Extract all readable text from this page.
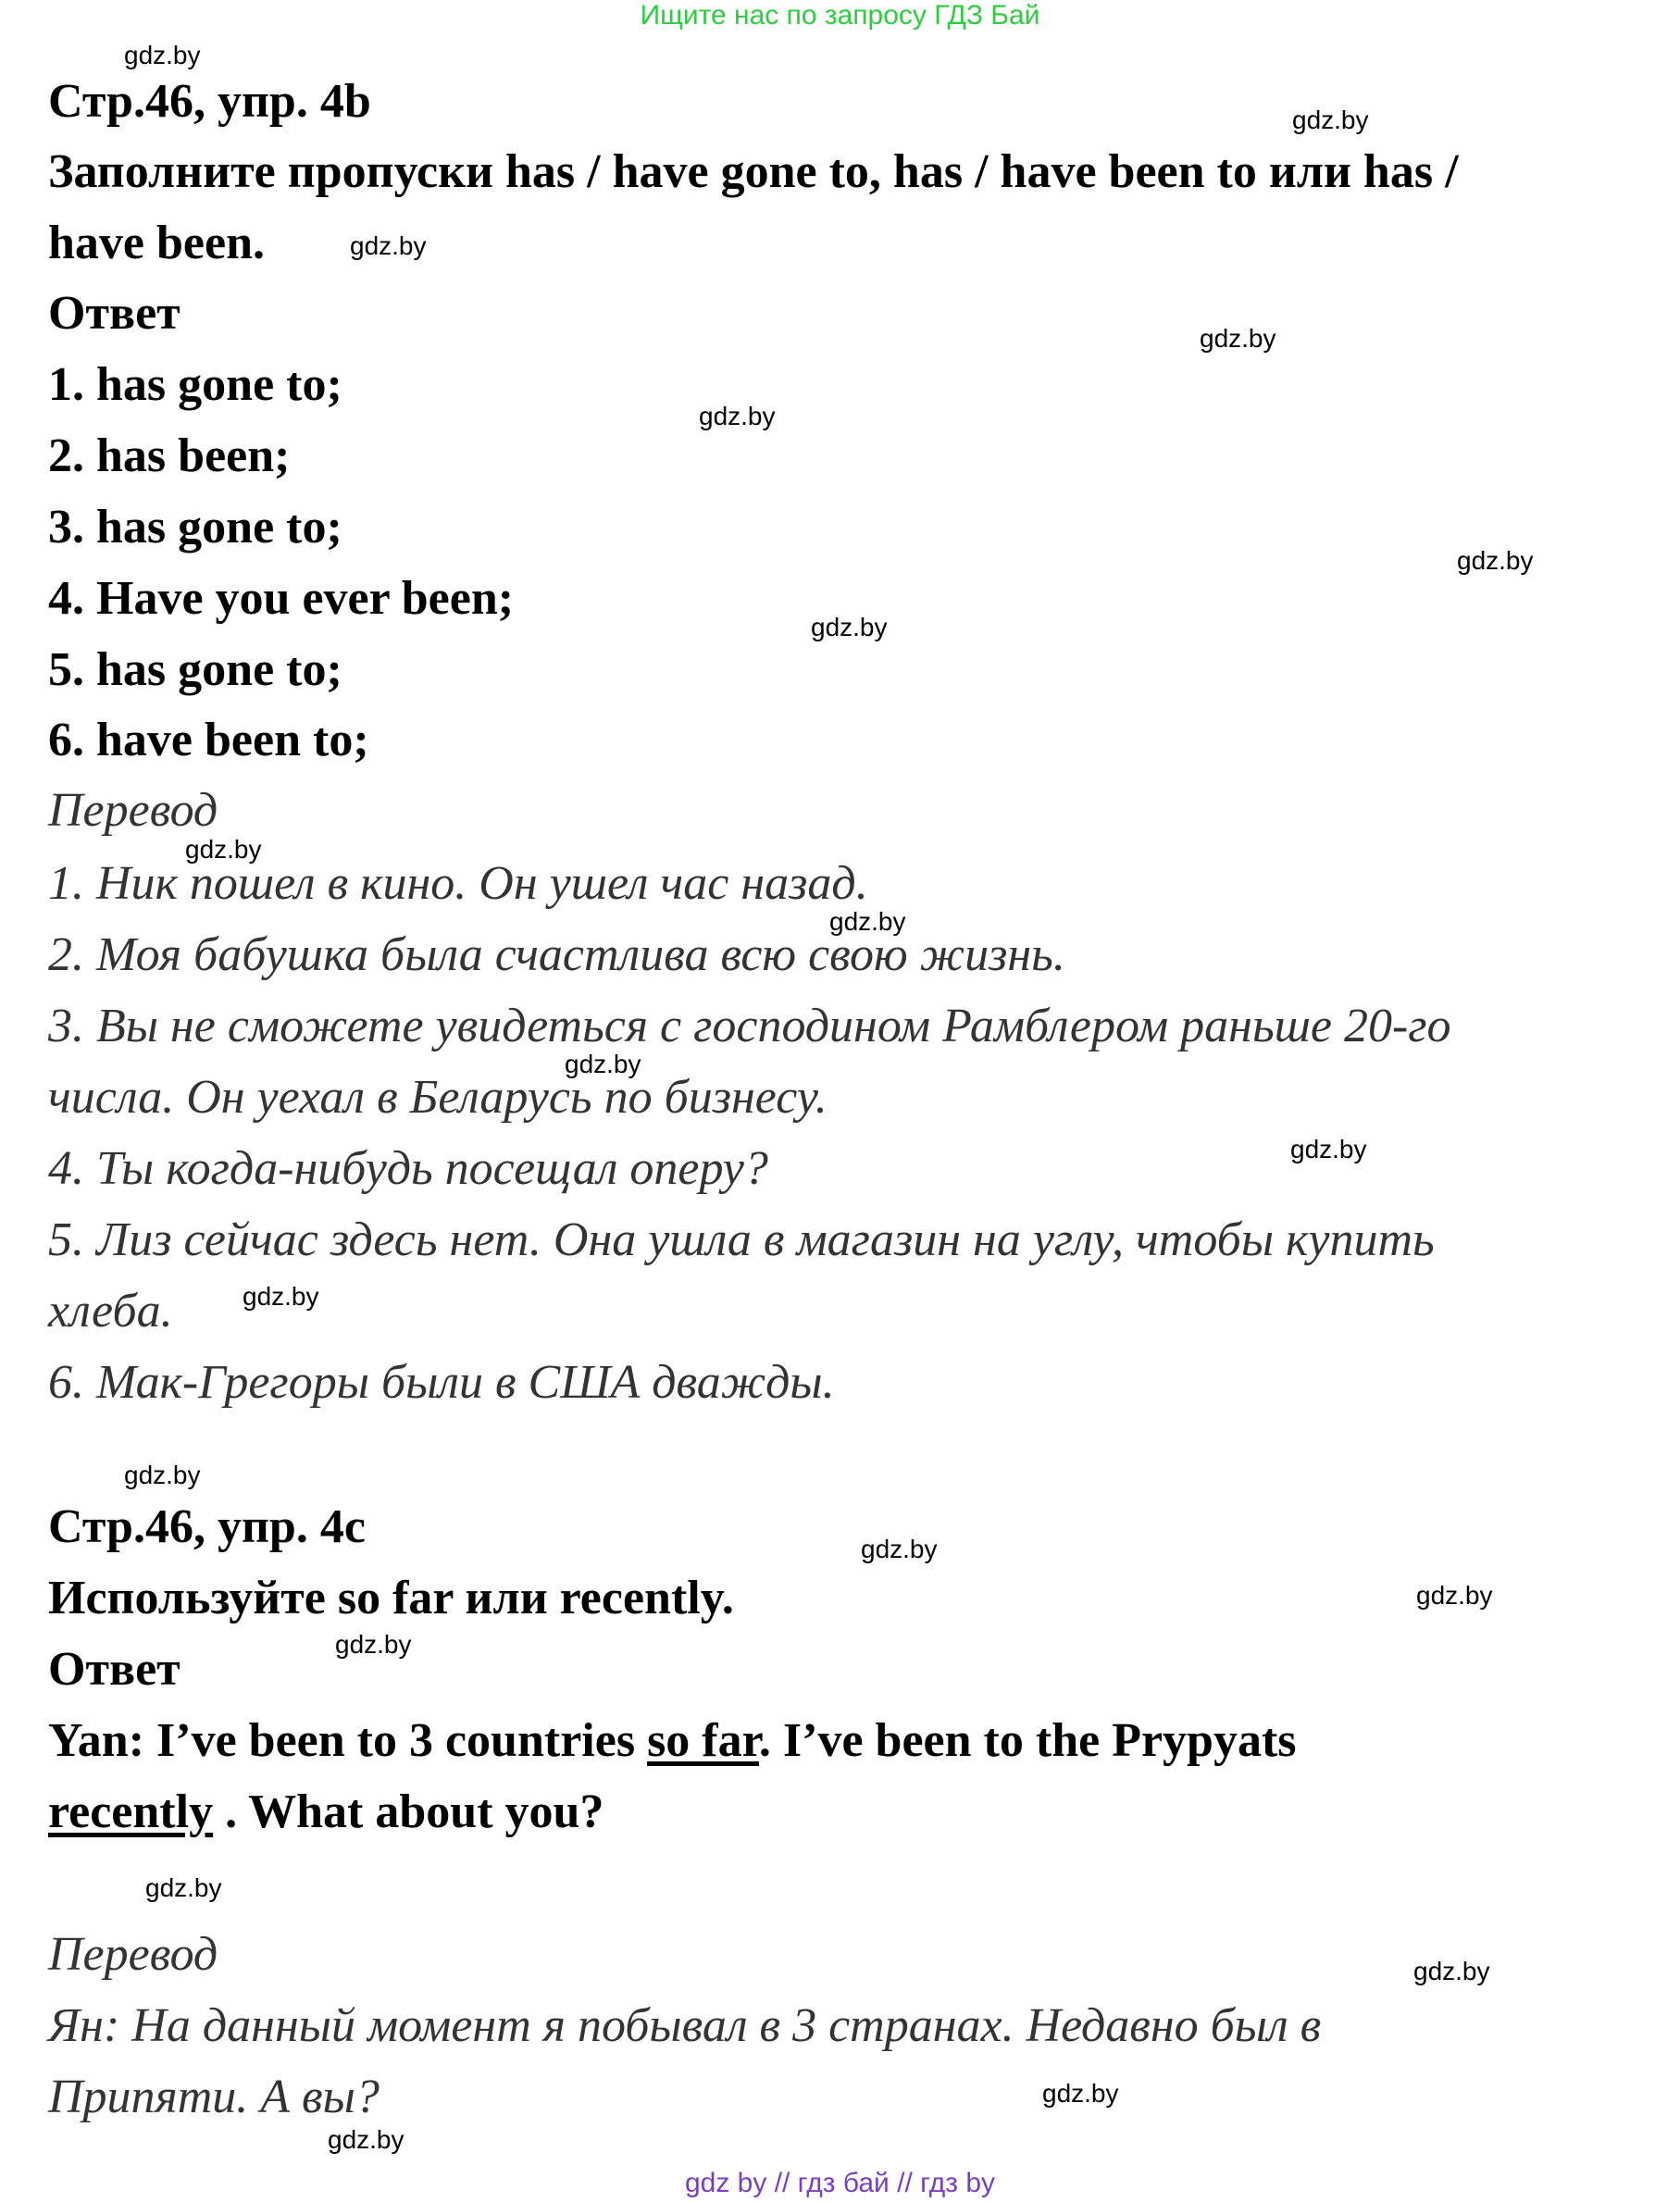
Ищите нас по запросу ГДЗ Бай
gdz.by
gdz.by
gdz.by
gdz.by
gdz.by
gdz.by
gdz.by
gdz.by
gdz.by
gdz.by
gdz.by
gdz.by
gdz.by
gdz.by
gdz.by
gdz.by
gdz.by
gdz.by
gdz.by
gdz.by
Стр.46, упр. 4b
Заполните пропуски has / have gone to, has / have been to или has /
have been.
Ответ
1. has gone to;
2. has been;
3. has gone to;
4. Have you ever been;
5. has gone to;
6. have been to;
Перевод
1. Ник пошел в кино. Он ушел час назад.
2. Моя бабушка была счастлива всю свою жизнь.
3. Вы не сможете увидеться с господином Рамблером раньше 20-го
числа. Он уехал в Беларусь по бизнесу.
4. Ты когда-нибудь посещал оперу?
5. Лиз сейчас здесь нет. Она ушла в магазин на углу, чтобы купить
хлеба.
6. Мак-Грегоры были в США дважды.
Стр.46, упр. 4c
Используйте so far или recently.
Ответ
Yan: I’ve been to 3 countries so far. I’ve been to the Prypyats
recently . What about you?
Перевод
Ян: На данный момент я побывал в 3 странах. Недавно был в
Припяти. А вы?
gdz by // гдз бай // гдз by
